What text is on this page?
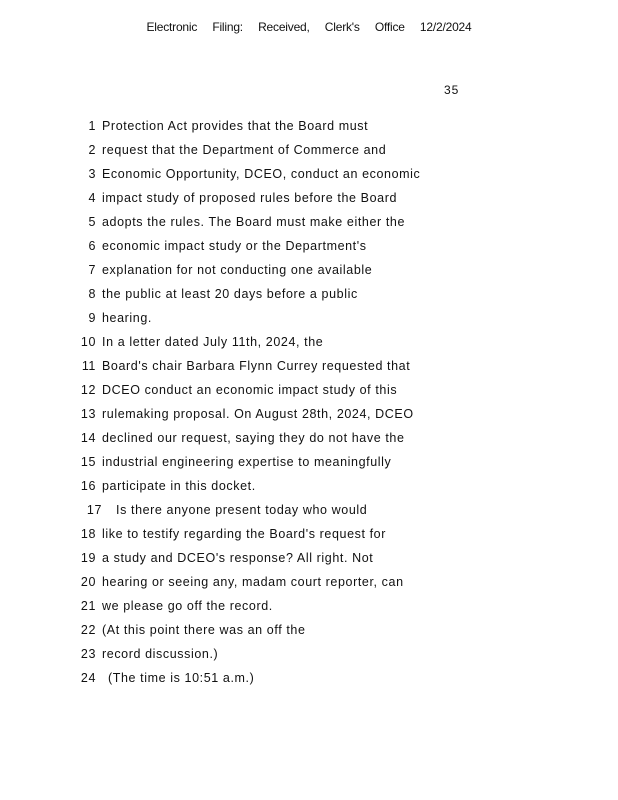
Electronic Filing: Received, Clerk's Office 12/2/2024
35
1 Protection Act provides that the Board must
2 request that the Department of Commerce and
3 Economic Opportunity, DCEO, conduct an economic
4 impact study of proposed rules before the Board
5 adopts the rules. The Board must make either the
6 economic impact study or the Department's
7 explanation for not conducting one available
8 the public at least 20 days before a public
9 hearing.
10 In a letter dated July 11th, 2024, the
11 Board's chair Barbara Flynn Currey requested that
12 DCEO conduct an economic impact study of this
13 rulemaking proposal. On August 28th, 2024, DCEO
14 declined our request, saying they do not have the
15 industrial engineering expertise to meaningfully
16 participate in this docket.
17 Is there anyone present today who would
18 like to testify regarding the Board's request for
19 a study and DCEO's response? All right. Not
20 hearing or seeing any, madam court reporter, can
21 we please go off the record.
22 (At this point there was an off the
23 record discussion.)
24 (The time is 10:51 a.m.)
